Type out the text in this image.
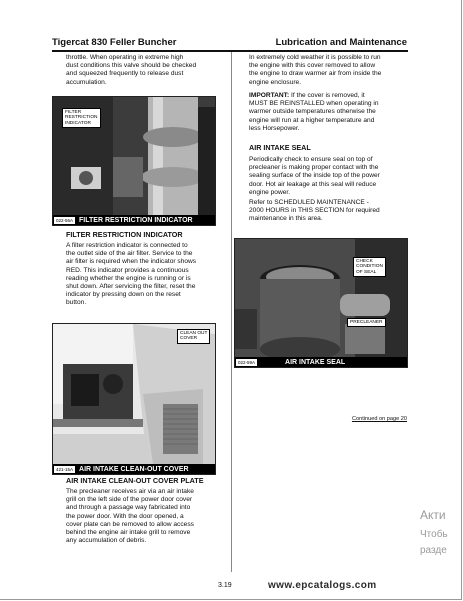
Tigercat 830 Feller Buncher	Lubrication and Maintenance
throttle. When operating in extreme high
dust conditions this valve should be checked
and squeezed frequently to release dust
accumulation.
FILTER
RESTRICTION
INDICATOR
022-56A FILTER RESTRICTION INDICATOR
FILTER RESTRICTION INDICATOR
A filter restriction indicator is connected to
the outlet side of the air filter. Service to the
air filter is required when the indicator shows
RED. This indicator provides a continuous
reading whether the engine is running or is
shut down. After servicing the filter, reset the
indicator by pressing down on the reset
button.
CLEAN OUT
COVER
421-15A AIR INTAKE CLEAN-OUT COVER
AIR INTAKE CLEAN-OUT COVER PLATE
The precleaner receives air via an air intake
grill on the left side of the power door cover
and through a passage way fabricated into
the power door. With the door opened, a
cover plate can be removed to allow access
behind the engine air intake grill to remove
any accumulation of debris.
In extremely cold weather it is possible to run
the engine with this cover removed to allow
the engine to draw warmer air from inside the
engine enclosure.
IMPORTANT: If the cover is removed, it
MUST BE REINSTALLED when operating in
warmer outside temperatures otherwise the
engine will run at a higher temperature and
less Horsepower.
AIR INTAKE SEAL
Periodically check to ensure seal on top of
precleaner is making proper contact with the
sealing surface of the inside top of the power
door. Hot air leakage at this seal will reduce
engine power.
Refer to SCHEDULED MAINTENANCE -
2000 HOURS in THIS SECTION for required
maintenance in this area.
CHECK
CONDITION
OF SEAL
PRECLEANER
022-59A	AIR INTAKE SEAL
Continued on page 20
3.19	www.epcatalogs.com
Акти
Чтобь
разде
